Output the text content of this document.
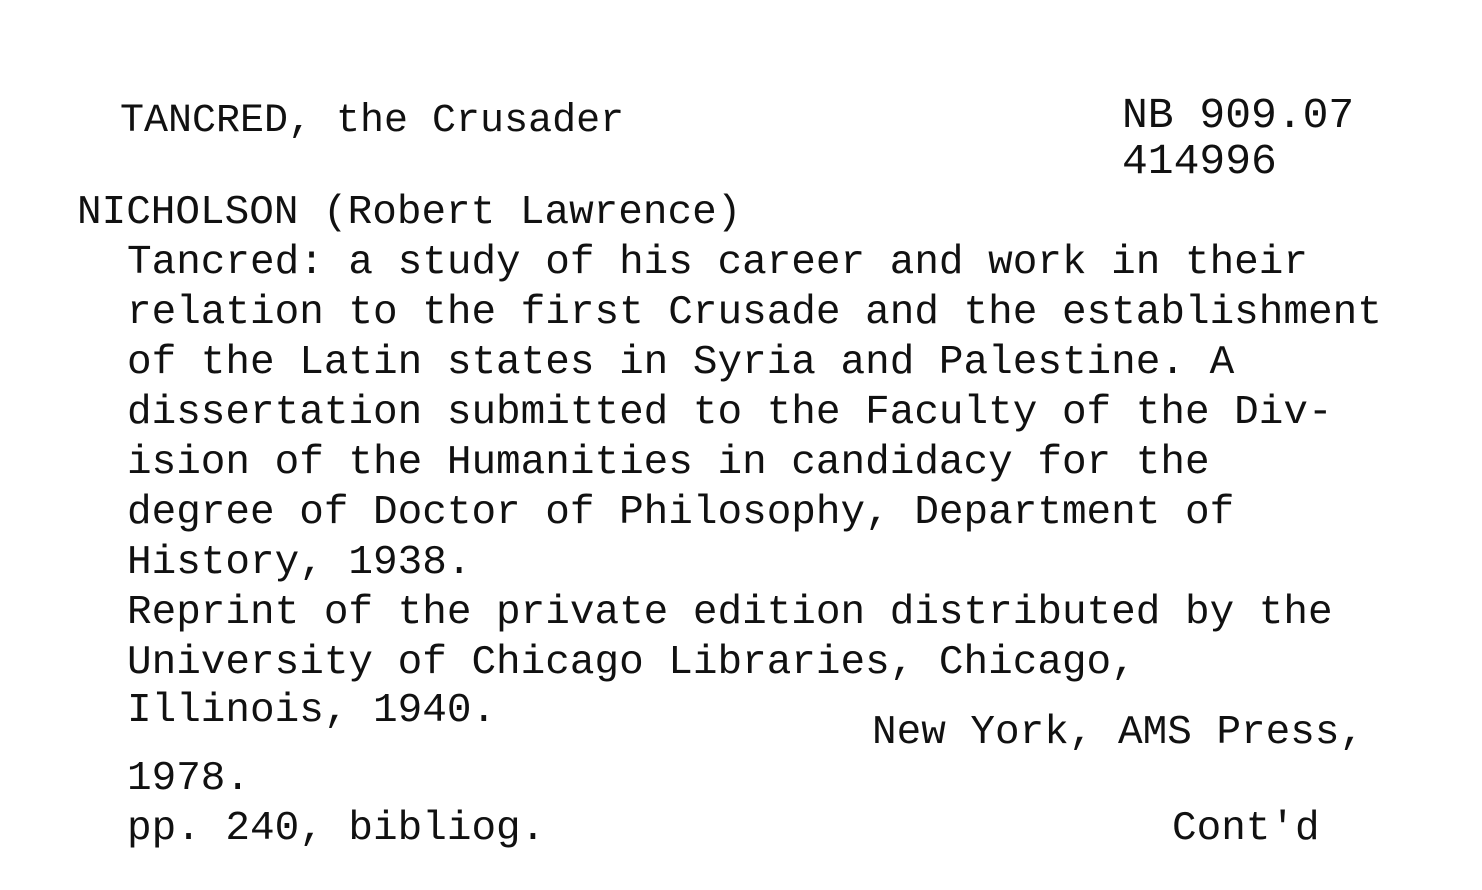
TANCRED, the Crusader	NB 909.07
414996
NICHOLSON (Robert Lawrence)
Tancred: a study of his career and work in their
relation to the first Crusade and the establishment
of the Latin states in Syria and Palestine. A
dissertation submitted to the Faculty of the Div-
ision of the Humanities in candidacy for the
degree of Doctor of Philosophy, Department of
History, 1938.
Reprint of the private edition distributed by the
University of Chicago Libraries, Chicago,
Illinois, 1940.	New York, AMS Press,
1978.
pp. 240, bibliog.	Cont'd
